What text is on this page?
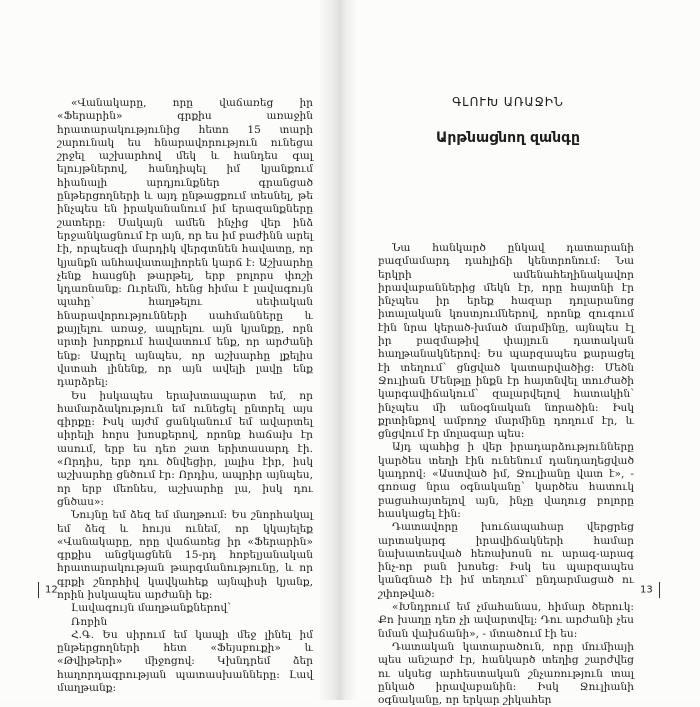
«Վանակարը, որը վաճառեց իր «Ֆերարին» գրքիս առաջին հրատարակությունից հետո 15 տարի շարունակ ես հնարավորություն ունեցա շրջել աշխարհով մեկ և հանդես գալ ելույթներով, հանդիպել իմ կյանքում հիանալի արդյունքներ գրանցած ընթերցողների և այդ ընթացքում տեսնել, թե ինչպես են իրականանում իմ երազանքները շատերը: Սակայն ամեն ինչից վեր ինձ երջանկացնում էր այն, որ ես իմ բաժինն արել էի, որպեսզի մարդիկ վերգտնեն հավատը, որ կյանքն անհավատալիորեն կարճ է: Աշխարհը չենք հասցնի թարթել, երբ բոլորս փոշի կդառնանք: Ուրեմն, հենց հիմա է լավագույն պահը՝ հաղթելու սեփական հնարավորությունների սահմանները և քայլելու առաջ, ապրելու այն կյանքը, որն սրտի խորքում հավատում ենք, որ արժանի ենք: Ապրել այնպես, որ աշխարհը լքելիս վստահ լինենք, որ այն ավելի լավը ենք դարձրել:

Ես իսկապես երախտապարտ եմ, որ համարձակություն եմ ունեցել ընտրել այս գիրքը: Իսկ այժմ ցանկանում եմ ավարտել սիրելի հորս խոսքերով, որոնք հաճախ էր ասում, երբ ես դեռ շատ երիտասարդ էի. «Որդիս, երբ դու ծնվեցիր, լալիս էիր, իսկ աշխարհը ցնծում էր: Որդիս, ապրիր այնպես, որ երբ մեռնես, աշխարհը լա, իսկ դու ցնծաս»:

Նույնը եմ ձեզ եմ մաղթում: Ես շնորհակալ եմ ձեզ և հույս ունեմ, որ կկայելեք «Վանակարը, որը վաճառեց իր «Ֆերարին» գրքիս անցկացնեն 15-րդ հոբելյանական հրատարակության թարգմանությունը, և որ գրքի շնորհիվ կավկահեք այնպիսի կյանք, որին իսկապես արժանի եք:

Լավագույն մաղթանքներով՝

Ռոբին

Հ.Գ. Ես սիրում եմ կապի մեջ լինել իմ ընթերցողների հետ «Ֆեյսբուքի» և «Թվիթերի» միջոցով: Կխնդրեմ ձեր հաղորդագրության պատասխանները: Լավ մաղթանք:

12

Նա հանկարծ ընկավ դատարանի բազմամարդ դահլիճի կենտրոնում: Նա երկրի ամենահեղինակավոր իրավաբաններից մեկն էր, որը հայտնի էր ինչպես իր երեք հազար դոլարանոց իտալական կոստյումներով, որոնք զուգում էին նրա կերած-խմած մարմինը, այնպես էլ իր բազմաթիվ փայլուն դատական հաղթանակներով: Ես պարզապես քարացել էի տեղում՝ ցնցված կատարվածից: Մեծն Ջուլիան Մենթլը ինքն էր հայտնվել տուժածի կարգավիճակում՝ զալարվելով հատակին՝ ինչպես մի անօգնական նորածին: Իսկ քրտինքով ամբողջ մարմինը դողում էր, և ցնցվում էր մոլագար պես:

Այդ պահից ի վեր իրադարձությունները կարծես տեղի էին ունենում դանդաղեցված կադրով: «Աստված իմ, Ջուլիանը վատ է», - գոռաց նրա օգնականը՝ կարծես հատուկ բացահայտելով այն, ինչը վաղուց բոլորը հասկացել էին:

Դատավորը խուճապահար վերցրեց արտակարգ իրավիճակների համար նախատեսված հեռախոսն ու արագ-արագ ինչ-որ բան խոսեց: Իսկ ես պարզապես կանգնած էի իմ տեղում՝ ընդարմացած ու շփոթված:

«Խնդրում եմ չմահանաս, հիմար ծերուկ: Քո խաղը դեռ չի ավարտվել: Դու արժանի չես նման վախճանի», - մտածում էի ես:

Դատական կատարածուն, որը մումիայի պես անշարժ էր, հանկարծ տեղից շարժվեց ու սկսեց արհեստական շնչառություն տալ ընկած իրավաբանին: Իսկ Ջուլիանի օգնականը, որ երկար շիկահեր

ԳԼՈՒԽ ԱՌԱՋԻՆ
Արթնացնող զանգը
13
